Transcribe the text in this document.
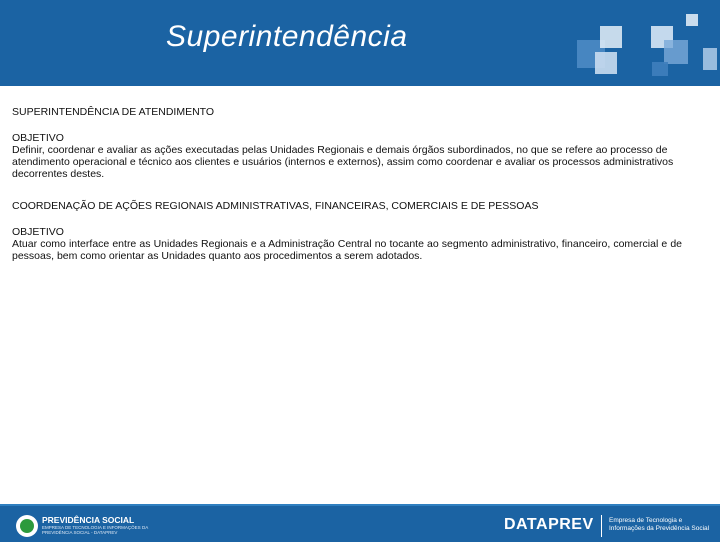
Superintendência

SUPERINTENDÊNCIA DE ATENDIMENTO

OBJETIVO

Definir, coordenar e avaliar as ações executadas pelas Unidades Regionais e demais órgãos subordinados, no que se refere ao processo de atendimento operacional e técnico aos clientes e usuários (internos e externos), assim como coordenar e avaliar os processos administrativos decorrentes destes.

COORDENAÇÃO DE AÇÕES REGIONAIS ADMINISTRATIVAS, FINANCEIRAS, COMERCIAIS E DE PESSOAS

OBJETIVO

Atuar como interface entre as Unidades Regionais e a Administração Central no tocante ao segmento administrativo, financeiro, comercial e de pessoas, bem como orientar as Unidades quanto aos procedimentos a serem adotados.

PREVIDÊNCIA SOCIAL
EMPRESA DE TECNOLOGIA E INFORMAÇÕES DA PREVIDÊNCIA SOCIAL - DATAPREV	DATAPREV Empresa de Tecnologia e Informações da Previdência Social
